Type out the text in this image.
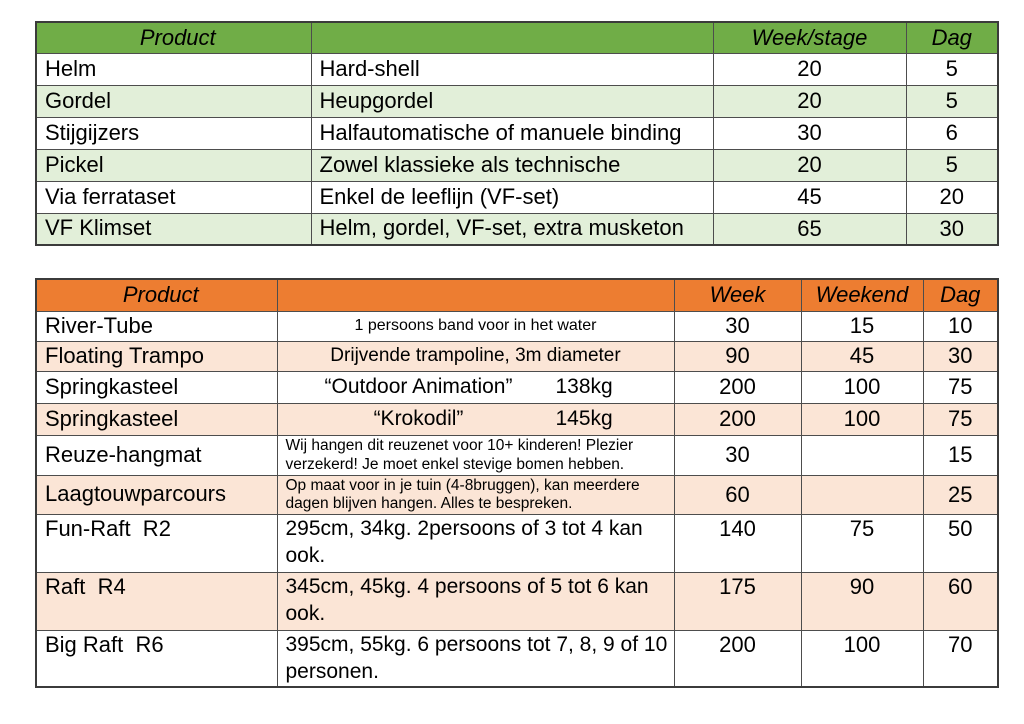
Product		Week/stage	Dag
Helm	Hard-shell	20	5
Gordel	Heupgordel	20	5
Stijgijzers	Halfautomatische of manuele binding	30	6
Pickel	Zowel klassieke als technische	20	5
Via ferrataset	Enkel de leeflijn (VF-set)	45	20
VF Klimset	Helm, gordel, VF-set, extra musketon	65	30
Product		Week	Weekend	Dag
River-Tube	1 persoons band voor in het water	30	15	10
Floating Trampo	Drijvende trampoline, 3m diameter	90	45	30
Springkasteel	“Outdoor Animation” 138kg	200	100	75
Springkasteel	“Krokodil” 145kg	200	100	75
Reuze-hangmat	Wij hangen dit reuzenet voor 10+ kinderen! Plezier verzekerd! Je moet enkel stevige bomen hebben.	30		15
Laagtouwparcours	Op maat voor in je tuin (4-8bruggen), kan meerdere dagen blijven hangen. Alles te bespreken.	60		25
Fun-Raft  R2	295cm, 34kg. 2persoons of 3 tot 4 kan ook.	140	75	50
Raft  R4	345cm, 45kg. 4 persoons of 5 tot 6 kan ook.	175	90	60
Big Raft  R6	395cm, 55kg. 6 persoons tot 7, 8, 9 of 10 personen.	200	100	70
